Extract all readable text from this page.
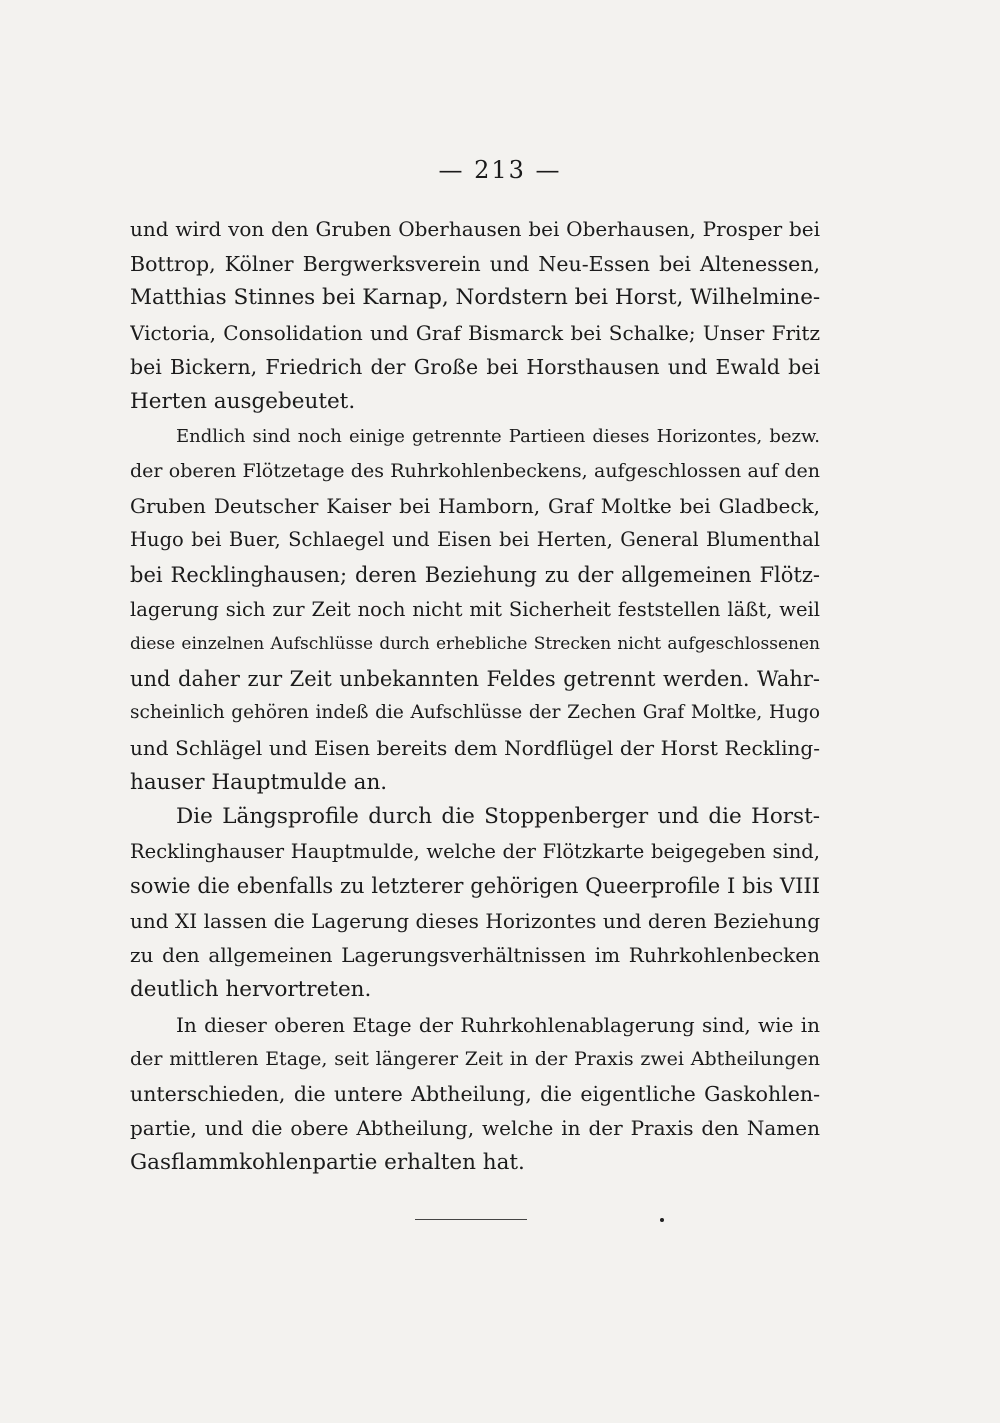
— 213 —
und wird von den Gruben Oberhausen bei Oberhausen, Prosper bei
Bottrop, Kölner Bergwerksverein und Neu-Essen bei Altenessen,
Matthias Stinnes bei Karnap, Nordstern bei Horst, Wilhelmine-
Victoria, Consolidation und Graf Bismarck bei Schalke; Unser Fritz
bei Bickern, Friedrich der Große bei Horsthausen und Ewald bei
Herten ausgebeutet.
Endlich sind noch einige getrennte Partieen dieses Horizontes, bezw.
der oberen Flötzetage des Ruhrkohlenbeckens, aufgeschlossen auf den
Gruben Deutscher Kaiser bei Hamborn, Graf Moltke bei Gladbeck,
Hugo bei Buer, Schlaegel und Eisen bei Herten, General Blumenthal
bei Recklinghausen; deren Beziehung zu der allgemeinen Flötz-
lagerung sich zur Zeit noch nicht mit Sicherheit feststellen läßt, weil
diese einzelnen Aufschlüsse durch erhebliche Strecken nicht aufgeschlossenen
und daher zur Zeit unbekannten Feldes getrennt werden. Wahr-
scheinlich gehören indeß die Aufschlüsse der Zechen Graf Moltke, Hugo
und Schlägel und Eisen bereits dem Nordflügel der Horst Reckling-
hauser Hauptmulde an.
Die Längsprofile durch die Stoppenberger und die Horst-
Recklinghauser Hauptmulde, welche der Flötzkarte beigegeben sind,
sowie die ebenfalls zu letzterer gehörigen Queerprofile I bis VIII
und XI lassen die Lagerung dieses Horizontes und deren Beziehung
zu den allgemeinen Lagerungsverhältnissen im Ruhrkohlenbecken
deutlich hervortreten.
In dieser oberen Etage der Ruhrkohlenablagerung sind, wie in
der mittleren Etage, seit längerer Zeit in der Praxis zwei Abtheilungen
unterschieden, die untere Abtheilung, die eigentliche Gaskohlen-
partie, und die obere Abtheilung, welche in der Praxis den Namen
Gasflammkohlenpartie erhalten hat.
